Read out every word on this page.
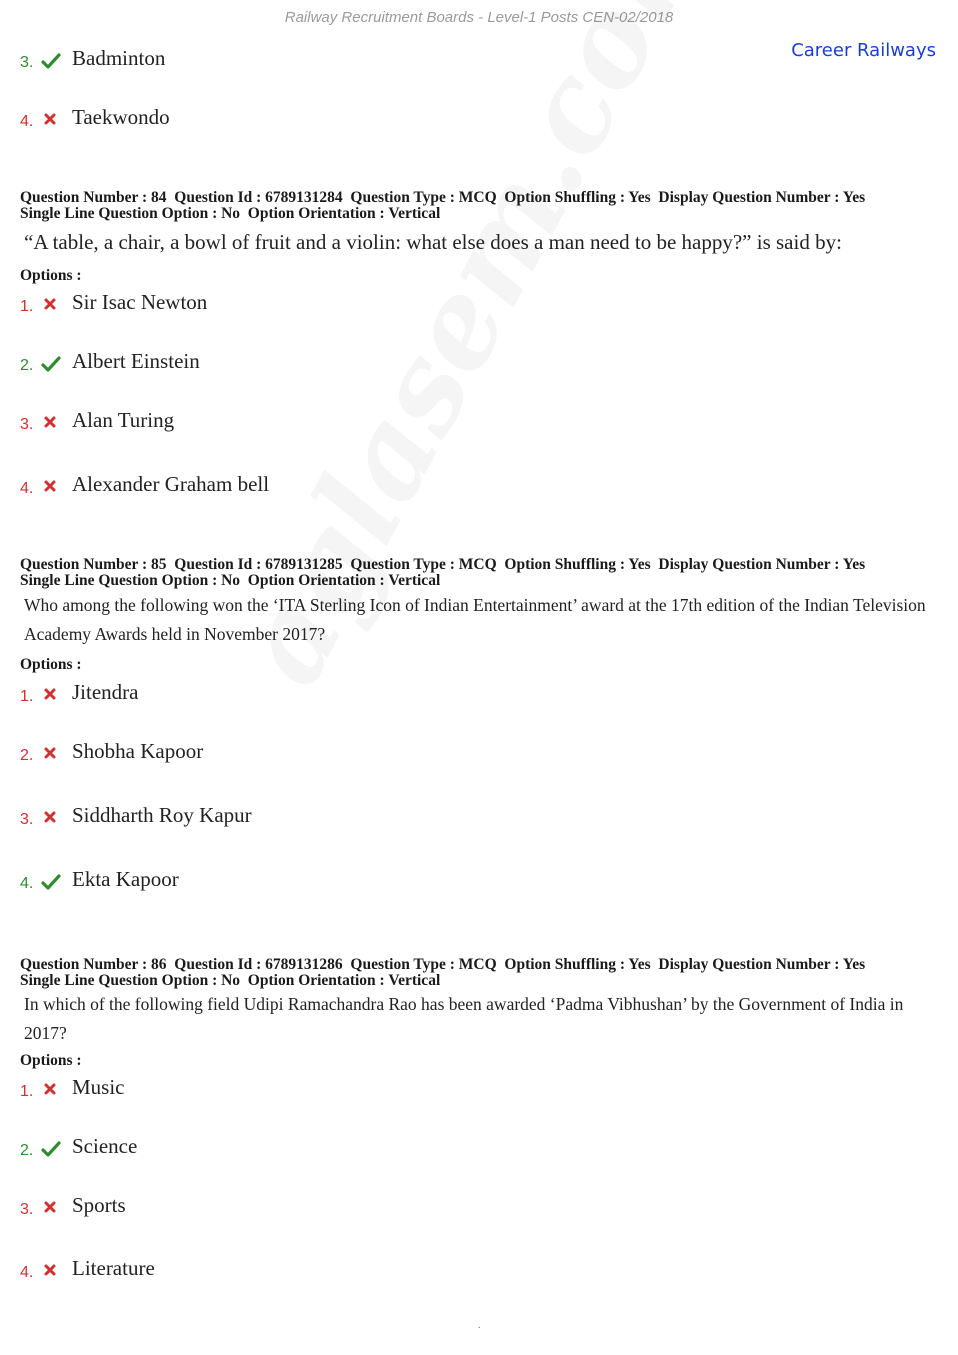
Railway Recruitment Boards - Level-1 Posts CEN-02/2018
Career Railways
3. Badminton
4. Taekwondo
Question Number : 84  Question Id : 6789131284  Question Type : MCQ  Option Shuffling : Yes  Display Question Number : Yes
Single Line Question Option : No  Option Orientation : Vertical
“A table, a chair, a bowl of fruit and a violin: what else does a man need to be happy?” is said by:
Options :
1. Sir Isac Newton
2. Albert Einstein
3. Alan Turing
4. Alexander Graham bell
Question Number : 85  Question Id : 6789131285  Question Type : MCQ  Option Shuffling : Yes  Display Question Number : Yes
Single Line Question Option : No  Option Orientation : Vertical
Who among the following won the ‘ITA Sterling Icon of Indian Entertainment’ award at the 17th edition of the Indian Television Academy Awards held in November 2017?
Options :
1. Jitendra
2. Shobha Kapoor
3. Siddharth Roy Kapur
4. Ekta Kapoor
Question Number : 86  Question Id : 6789131286  Question Type : MCQ  Option Shuffling : Yes  Display Question Number : Yes
Single Line Question Option : No  Option Orientation : Vertical
In which of the following field Udipi Ramachandra Rao has been awarded ‘Padma Vibhushan’ by the Government of India in 2017?
Options :
1. Music
2. Science
3. Sports
4. Literature
.
